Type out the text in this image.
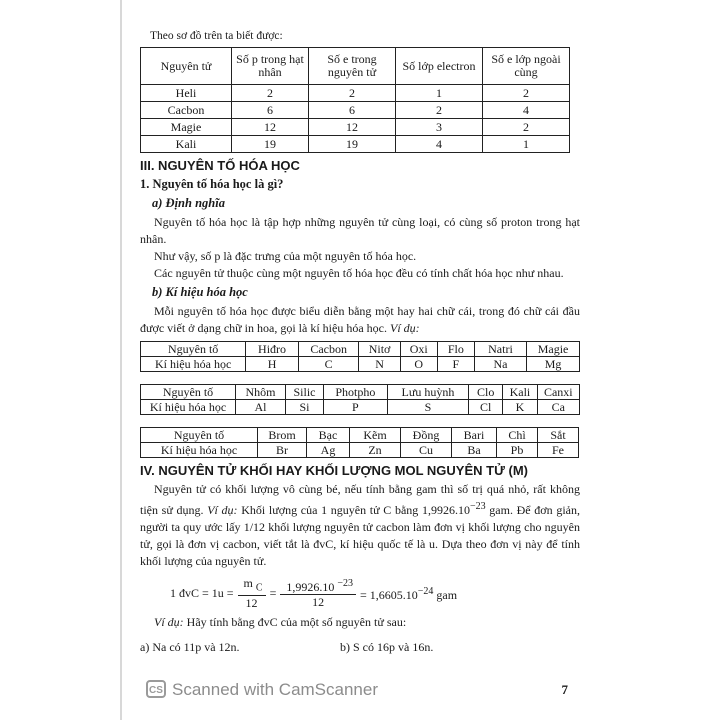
Theo sơ đồ trên ta biết được:
Nguyên tử	Số p trong hạt nhân	Số e trong nguyên tử	Số lớp electron	Số e lớp ngoài cùng
Heli	2	2	1	2
Cacbon	6	6	2	4
Magie	12	12	3	2
Kali	19	19	4	1
III. NGUYÊN TỐ HÓA HỌC
1. Nguyên tố hóa học là gì?
a) Định nghĩa

Nguyên tố hóa học là tập hợp những nguyên tử cùng loại, có cùng số proton trong hạt nhân.

Như vậy, số p là đặc trưng của một nguyên tố hóa học.

Các nguyên tử thuộc cùng một nguyên tố hóa học đều có tính chất hóa học như nhau.

b) Kí hiệu hóa học

Mỗi nguyên tố hóa học được biểu diễn bằng một hay hai chữ cái, trong đó chữ cái đầu được viết ở dạng chữ in hoa, gọi là kí hiệu hóa học. Ví dụ:

Nguyên tố	Hiđro	Cacbon	Nitơ	Oxi	Flo	Natri	Magie
Kí hiệu hóa học	H	C	N	O	F	Na	Mg
Nguyên tố	Nhôm	Silic	Photpho	Lưu huỳnh	Clo	Kali	Canxi
Kí hiệu hóa học	Al	Si	P	S	Cl	K	Ca
Nguyên tố	Brom	Bạc	Kẽm	Đồng	Bari	Chì	Sắt
Kí hiệu hóa học	Br	Ag	Zn	Cu	Ba	Pb	Fe
IV. NGUYÊN TỬ KHỐI HAY KHỐI LƯỢNG MOL NGUYÊN TỬ (M)

Nguyên tử có khối lượng vô cùng bé, nếu tính bằng gam thì số trị quá nhỏ, rất không tiện sử dụng. Ví dụ: Khối lượng của 1 nguyên tử C bằng $1,9926.10^{-23}$ gam. Để đơn giản, người ta quy ước lấy 1/12 khối lượng nguyên tử cacbon làm đơn vị khối lượng cho nguyên tử, gọi là đơn vị cacbon, viết tắt là đvC, kí hiệu quốc tế là u. Dựa theo đơn vị này để tính khối lượng của nguyên tử.

1 đvC = $1u = \frac{m _C}{12} = \frac{1,9926.10 ^{-23}}{12} = 1,6605.10^{-24}$ gam

Ví dụ: Hãy tính bằng đvC của một số nguyên tử sau:

a) Na có 11p và 12n.	b) S có 16p và 16n.
CS Scanned with CamScanner	7
